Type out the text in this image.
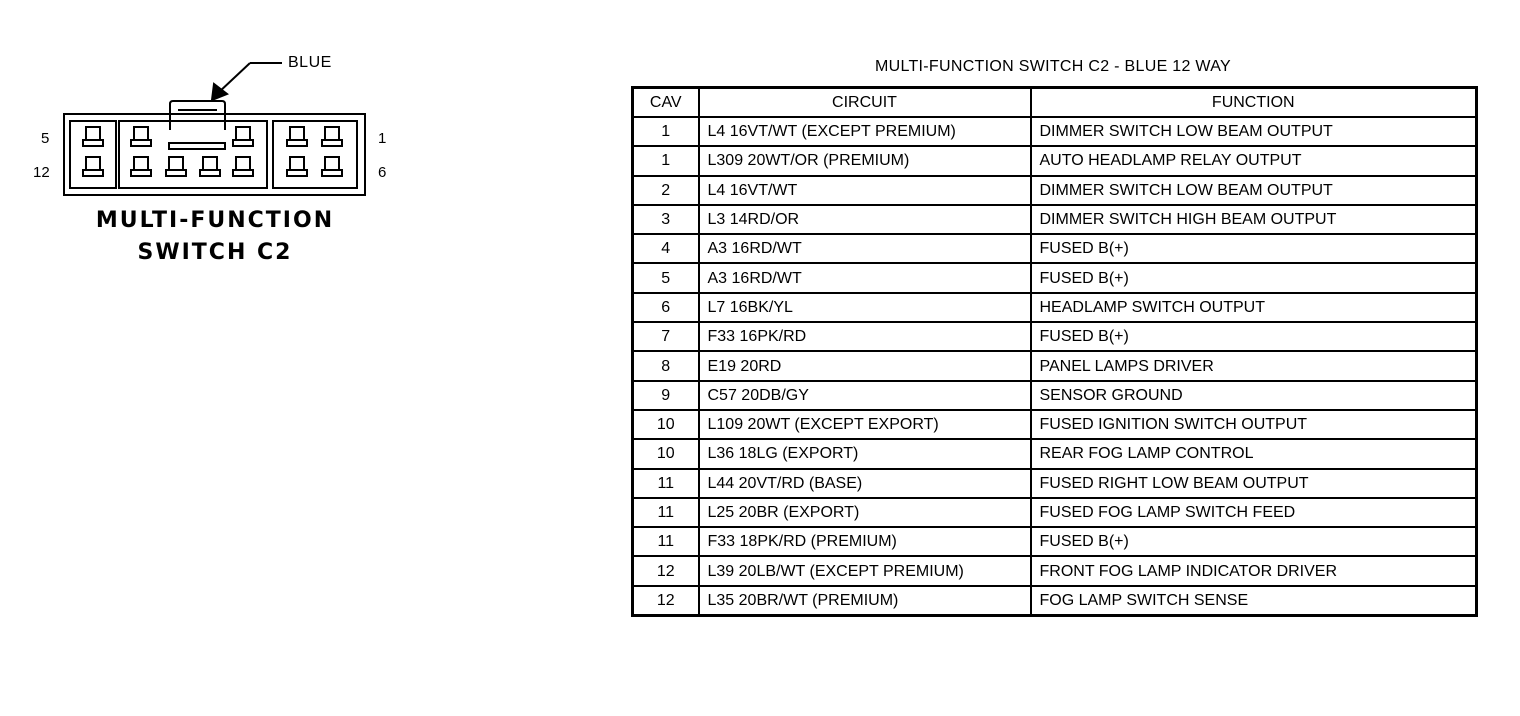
BLUE
5
12
1
6
MULTI-FUNCTION
SWITCH C2
MULTI-FUNCTION SWITCH C2 - BLUE 12 WAY
CAV	CIRCUIT	FUNCTION
1	L4 16VT/WT (EXCEPT PREMIUM)	DIMMER SWITCH LOW BEAM OUTPUT
1	L309 20WT/OR (PREMIUM)	AUTO HEADLAMP RELAY OUTPUT
2	L4 16VT/WT	DIMMER SWITCH LOW BEAM OUTPUT
3	L3 14RD/OR	DIMMER SWITCH HIGH BEAM OUTPUT
4	A3 16RD/WT	FUSED B(+)
5	A3 16RD/WT	FUSED B(+)
6	L7 16BK/YL	HEADLAMP SWITCH OUTPUT
7	F33 16PK/RD	FUSED B(+)
8	E19 20RD	PANEL LAMPS DRIVER
9	C57 20DB/GY	SENSOR GROUND
10	L109 20WT (EXCEPT EXPORT)	FUSED IGNITION SWITCH OUTPUT
10	L36 18LG (EXPORT)	REAR FOG LAMP CONTROL
11	L44 20VT/RD (BASE)	FUSED RIGHT LOW BEAM OUTPUT
11	L25 20BR (EXPORT)	FUSED FOG LAMP SWITCH FEED
11	F33 18PK/RD (PREMIUM)	FUSED B(+)
12	L39 20LB/WT (EXCEPT PREMIUM)	FRONT FOG LAMP INDICATOR DRIVER
12	L35 20BR/WT (PREMIUM)	FOG LAMP SWITCH SENSE
